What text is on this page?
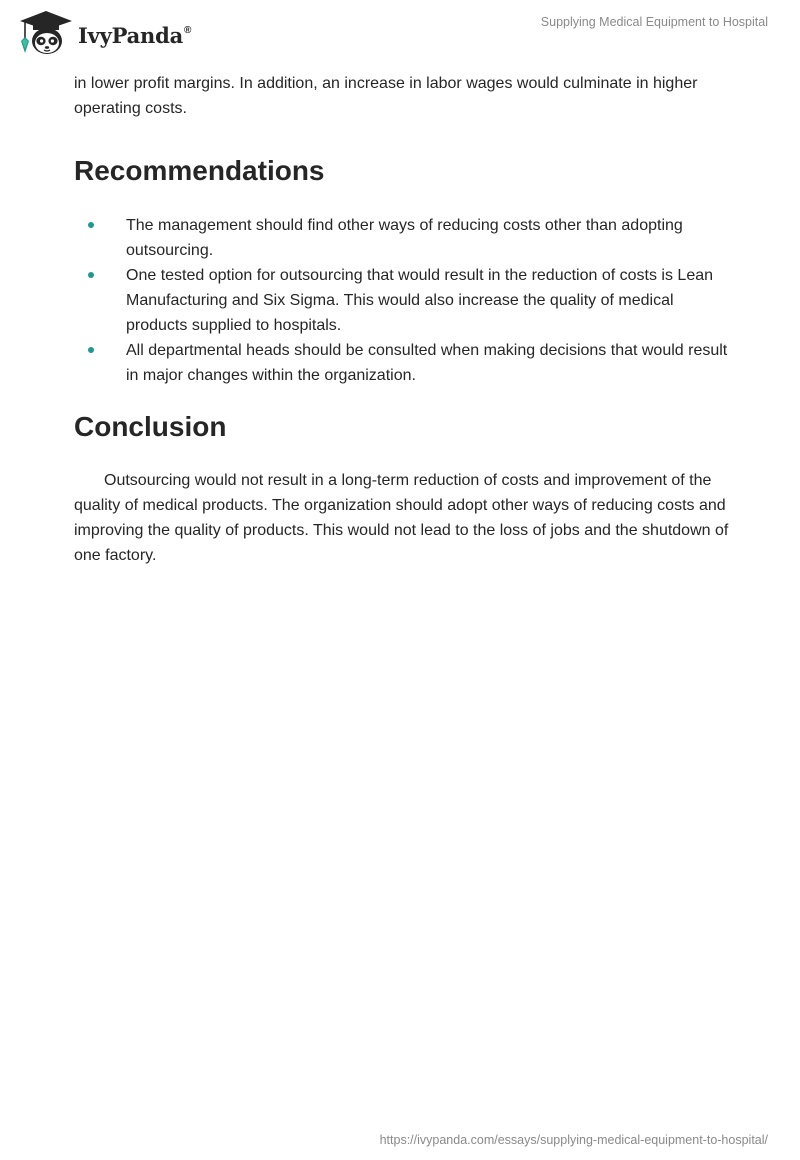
IvyPanda®
Supplying Medical Equipment to Hospital

in lower profit margins. In addition, an increase in labor wages would culminate in higher operating costs.

Recommendations
The management should find other ways of reducing costs other than adopting outsourcing.
One tested option for outsourcing that would result in the reduction of costs is Lean Manufacturing and Six Sigma. This would also increase the quality of medical products supplied to hospitals.
All departmental heads should be consulted when making decisions that would result in major changes within the organization.
Conclusion

Outsourcing would not result in a long-term reduction of costs and improvement of the quality of medical products. The organization should adopt other ways of reducing costs and improving the quality of products. This would not lead to the loss of jobs and the shutdown of one factory.

https://ivypanda.com/essays/supplying-medical-equipment-to-hospital/
